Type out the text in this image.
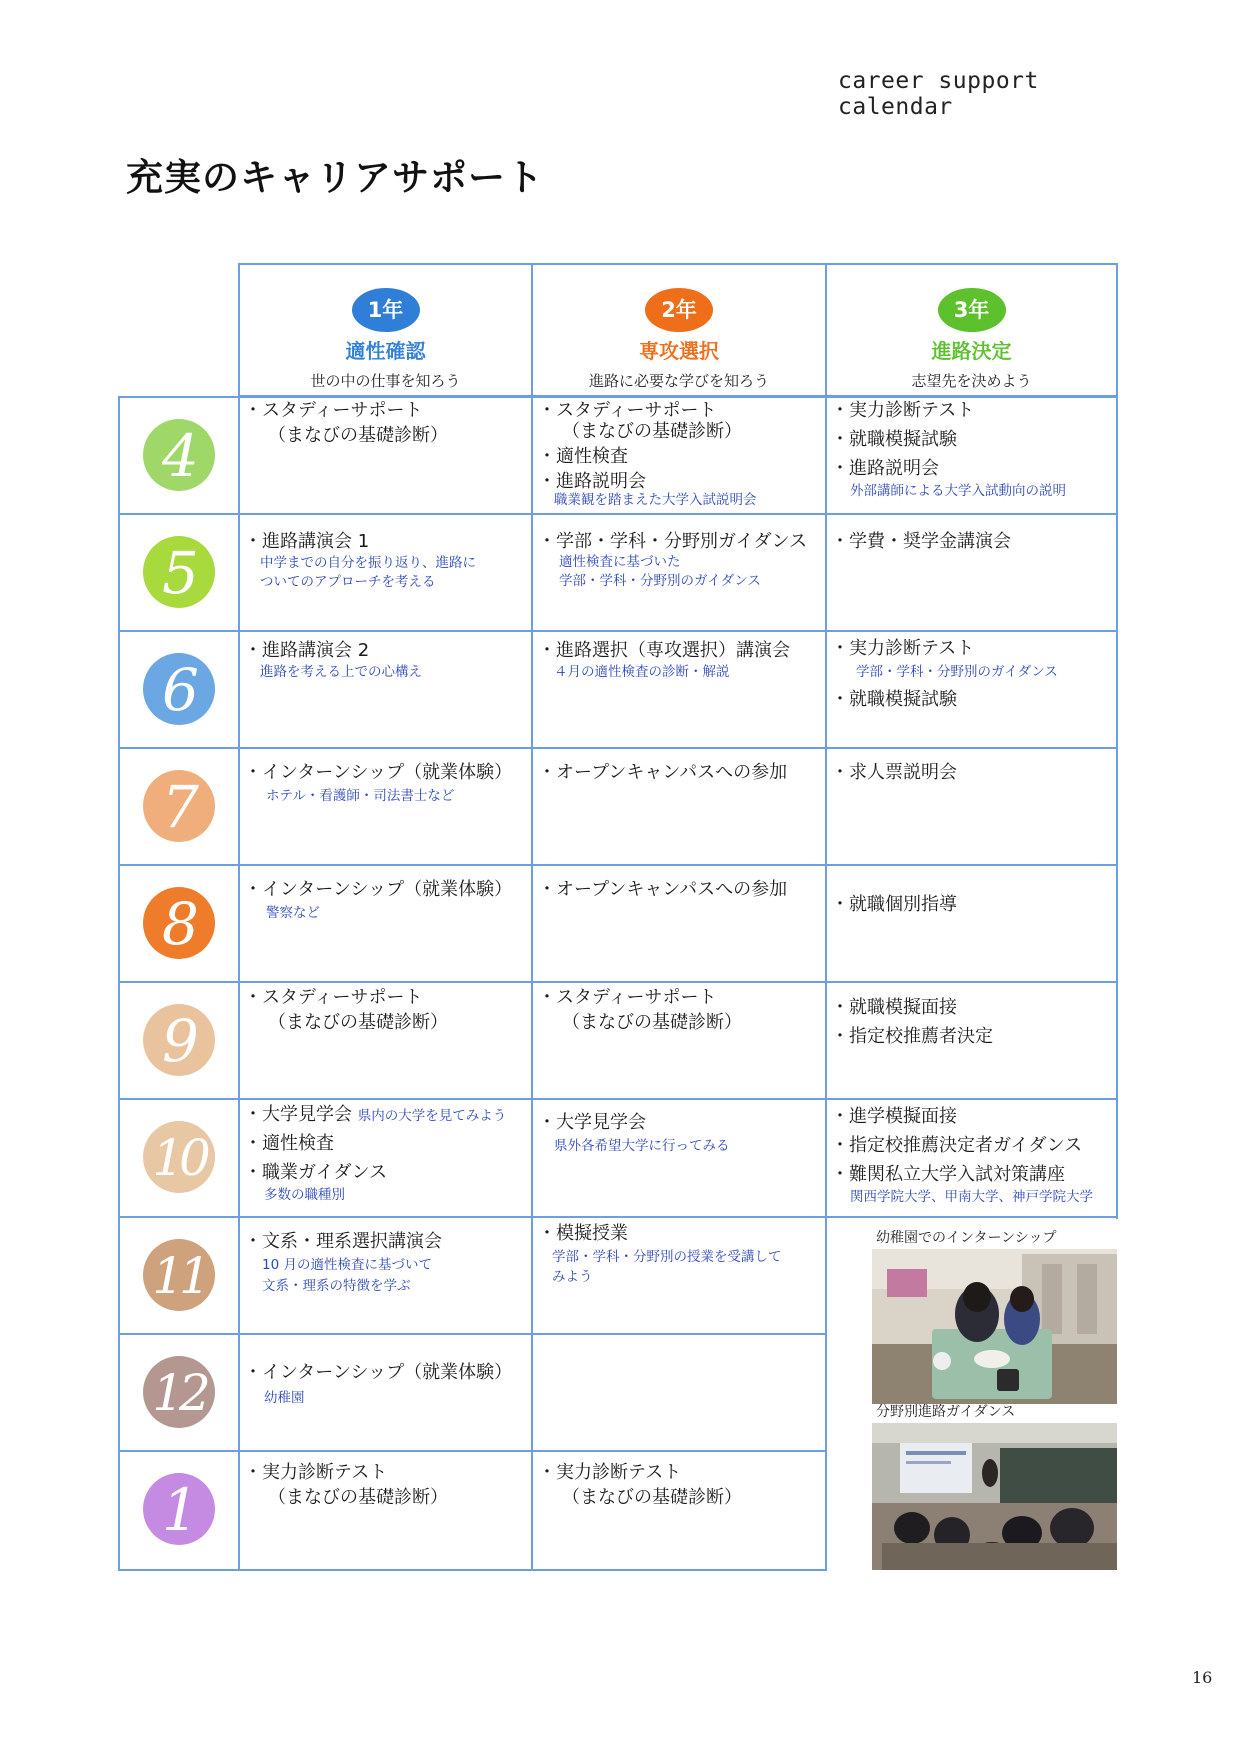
career support calendar
充実のキャリアサポート
1年
適性確認
世の中の仕事を知ろう
2年
専攻選択
進路に必要な学びを知ろう
3年
進路決定
志望先を決めよう
4
5
6
7
8
9
10
11
12
1
・スタディーサポート
（まなびの基礎診断）
・スタディーサポート
（まなびの基礎診断）
・適性検査
・進路説明会
職業観を踏まえた大学入試説明会
・実力診断テスト
・就職模擬試験
・進路説明会
外部講師による大学入試動向の説明
・進路講演会 1
中学までの自分を振り返り、進路に
ついてのアプローチを考える
・学部・学科・分野別ガイダンス
適性検査に基づいた
学部・学科・分野別のガイダンス
・学費・奨学金講演会
・進路講演会 2
進路を考える上での心構え
・進路選択（専攻選択）講演会
４月の適性検査の診断・解説
・実力診断テスト
学部・学科・分野別のガイダンス
・就職模擬試験
・インターンシップ（就業体験）
ホテル・看護師・司法書士など
・オープンキャンパスへの参加 ・求人票説明会
・インターンシップ（就業体験）
警察など
・オープンキャンパスへの参加
・就職個別指導
・スタディーサポート
（まなびの基礎診断）
・スタディーサポート
（まなびの基礎診断）
・就職模擬面接
・指定校推薦者決定
・大学見学会 県内の大学を見てみよう
・適性検査
・職業ガイダンス
多数の職種別
・大学見学会
県外各希望大学に行ってみる
・進学模擬面接
・指定校推薦決定者ガイダンス
・難関私立大学入試対策講座
関西学院大学、甲南大学、神戸学院大学
・文系・理系選択講演会
10 月の適性検査に基づいて
文系・理系の特徴を学ぶ
・模擬授業
学部・学科・分野別の授業を受講して
みよう
・インターンシップ（就業体験）
幼稚園
・実力診断テスト
（まなびの基礎診断）
・実力診断テスト
（まなびの基礎診断）
幼稚園でのインターンシップ
分野別進路ガイダンス
16
